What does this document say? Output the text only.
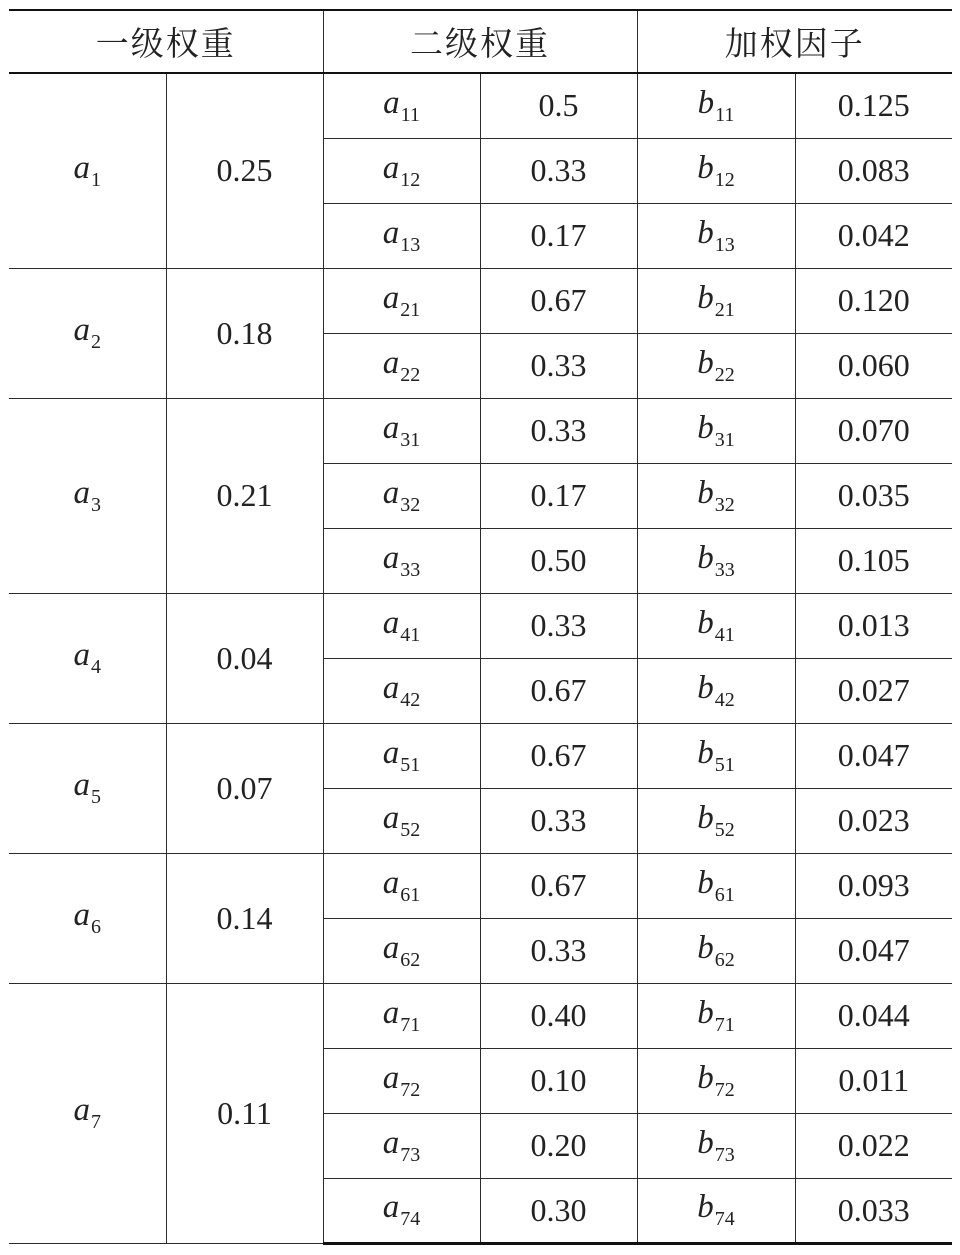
一级权重		二级权重		加权因子	
$a_1$	0.25	$a_{11}$	0.5	$b_{11}$	0.125
		$a_{12}$	0.33	$b_{12}$	0.083
		$a_{13}$	0.17	$b_{13}$	0.042
$a_2$	0.18	$a_{21}$	0.67	$b_{21}$	0.120
		$a_{22}$	0.33	$b_{22}$	0.060
$a_3$	0.21	$a_{31}$	0.33	$b_{31}$	0.070
		$a_{32}$	0.17	$b_{32}$	0.035
		$a_{33}$	0.50	$b_{33}$	0.105
$a_4$	0.04	$a_{41}$	0.33	$b_{41}$	0.013
		$a_{42}$	0.67	$b_{42}$	0.027
$a_5$	0.07	$a_{51}$	0.67	$b_{51}$	0.047
		$a_{52}$	0.33	$b_{52}$	0.023
$a_6$	0.14	$a_{61}$	0.67	$b_{61}$	0.093
		$a_{62}$	0.33	$b_{62}$	0.047
$a_7$	0.11	$a_{71}$	0.40	$b_{71}$	0.044
		$a_{72}$	0.10	$b_{72}$	0.011
		$a_{73}$	0.20	$b_{73}$	0.022
		$a_{74}$	0.30	$b_{74}$	0.033
